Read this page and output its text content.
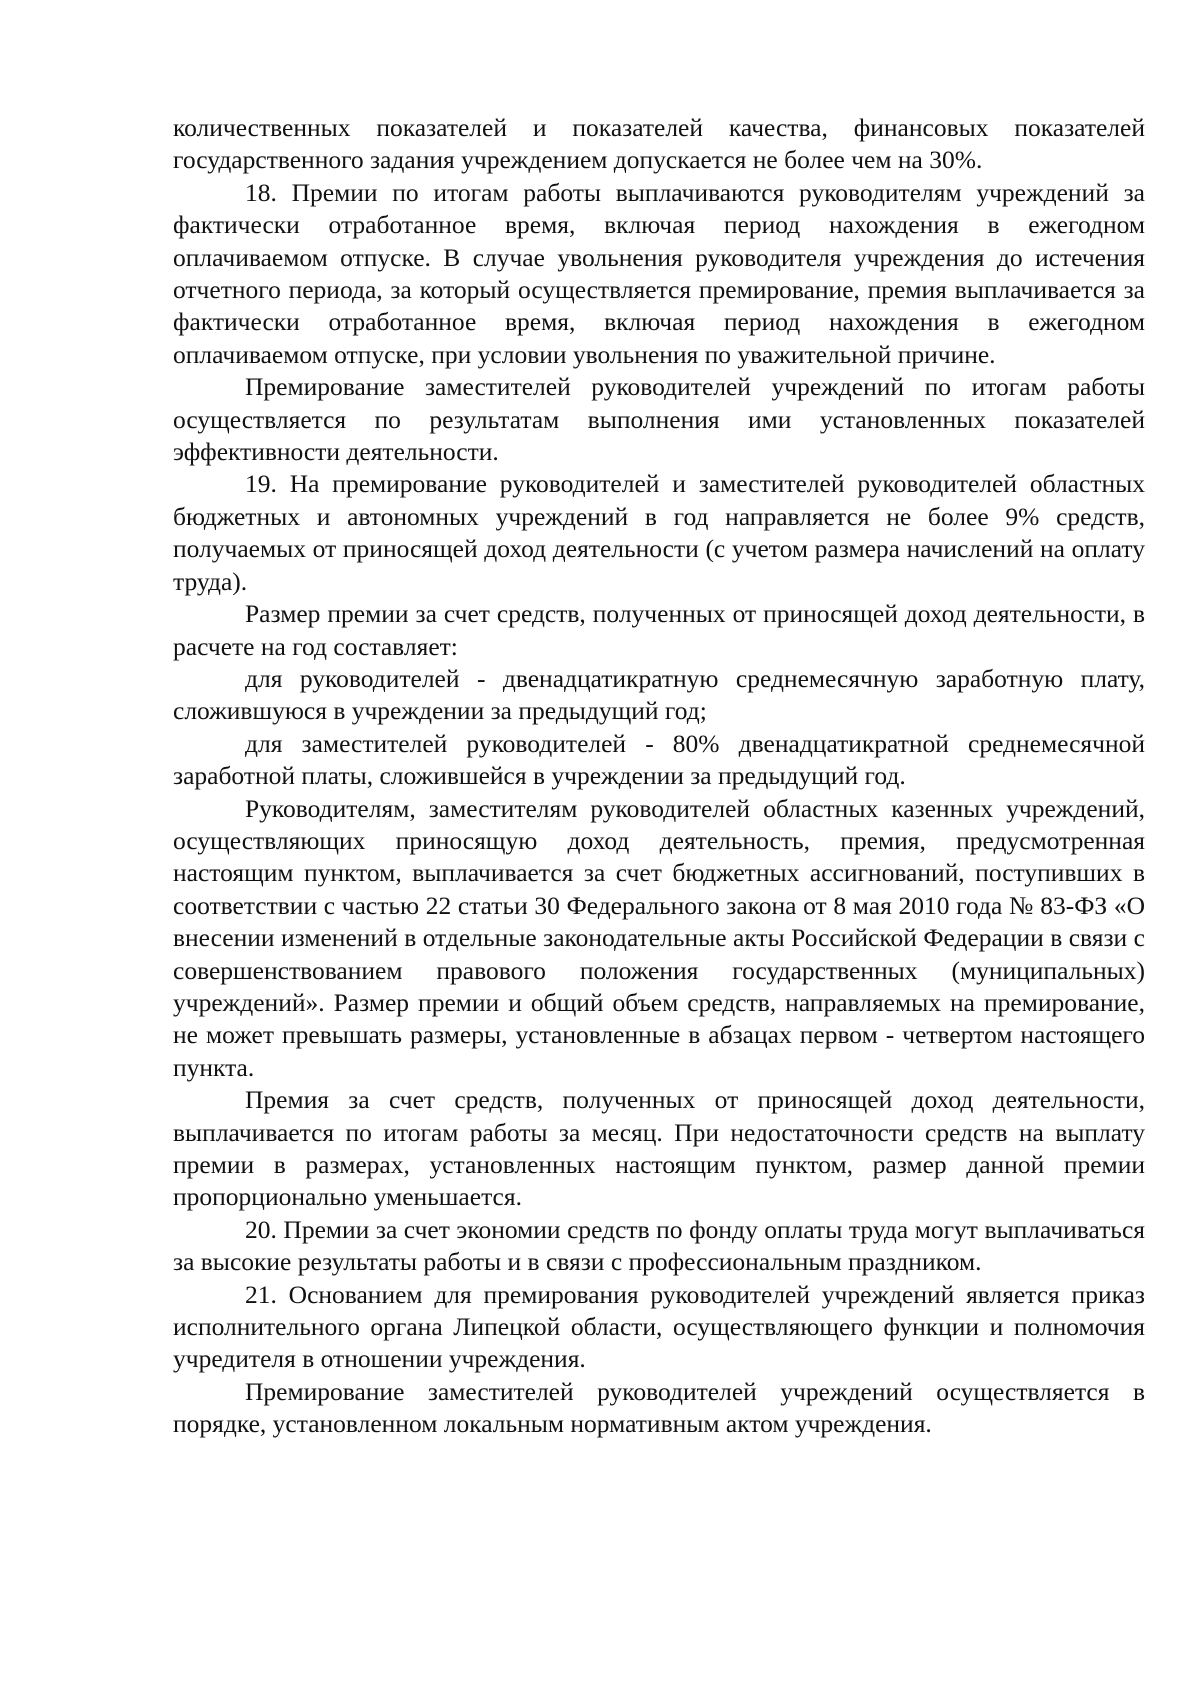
количественных показателей и показателей качества, финансовых показателей государственного задания учреждением допускается не более чем на 30%.

18. Премии по итогам работы выплачиваются руководителям учреждений за фактически отработанное время, включая период нахождения в ежегодном оплачиваемом отпуске. В случае увольнения руководителя учреждения до истечения отчетного периода, за который осуществляется премирование, премия выплачивается за фактически отработанное время, включая период нахождения в ежегодном оплачиваемом отпуске, при условии увольнения по уважительной причине.

Премирование заместителей руководителей учреждений по итогам работы осуществляется по результатам выполнения ими установленных показателей эффективности деятельности.

19. На премирование руководителей и заместителей руководителей областных бюджетных и автономных учреждений в год направляется не более 9% средств, получаемых от приносящей доход деятельности (с учетом размера начислений на оплату труда).

Размер премии за счет средств, полученных от приносящей доход деятельности, в расчете на год составляет:

для руководителей - двенадцатикратную среднемесячную заработную плату, сложившуюся в учреждении за предыдущий год;

для заместителей руководителей - 80% двенадцатикратной среднемесячной заработной платы, сложившейся в учреждении за предыдущий год.

Руководителям, заместителям руководителей областных казенных учреждений, осуществляющих приносящую доход деятельность, премия, предусмотренная настоящим пунктом, выплачивается за счет бюджетных ассигнований, поступивших в соответствии с частью 22 статьи 30 Федерального закона от 8 мая 2010 года № 83-ФЗ «О внесении изменений в отдельные законодательные акты Российской Федерации в связи с совершенствованием правового положения государственных (муниципальных) учреждений». Размер премии и общий объем средств, направляемых на премирование, не может превышать размеры, установленные в абзацах первом - четвертом настоящего пункта.

Премия за счет средств, полученных от приносящей доход деятельности, выплачивается по итогам работы за месяц. При недостаточности средств на выплату премии в размерах, установленных настоящим пунктом, размер данной премии пропорционально уменьшается.

20. Премии за счет экономии средств по фонду оплаты труда могут выплачиваться за высокие результаты работы и в связи с профессиональным праздником.

21. Основанием для премирования руководителей учреждений является приказ исполнительного органа Липецкой области, осуществляющего функции и полномочия учредителя в отношении учреждения.

Премирование заместителей руководителей учреждений осуществляется в порядке, установленном локальным нормативным актом учреждения.
